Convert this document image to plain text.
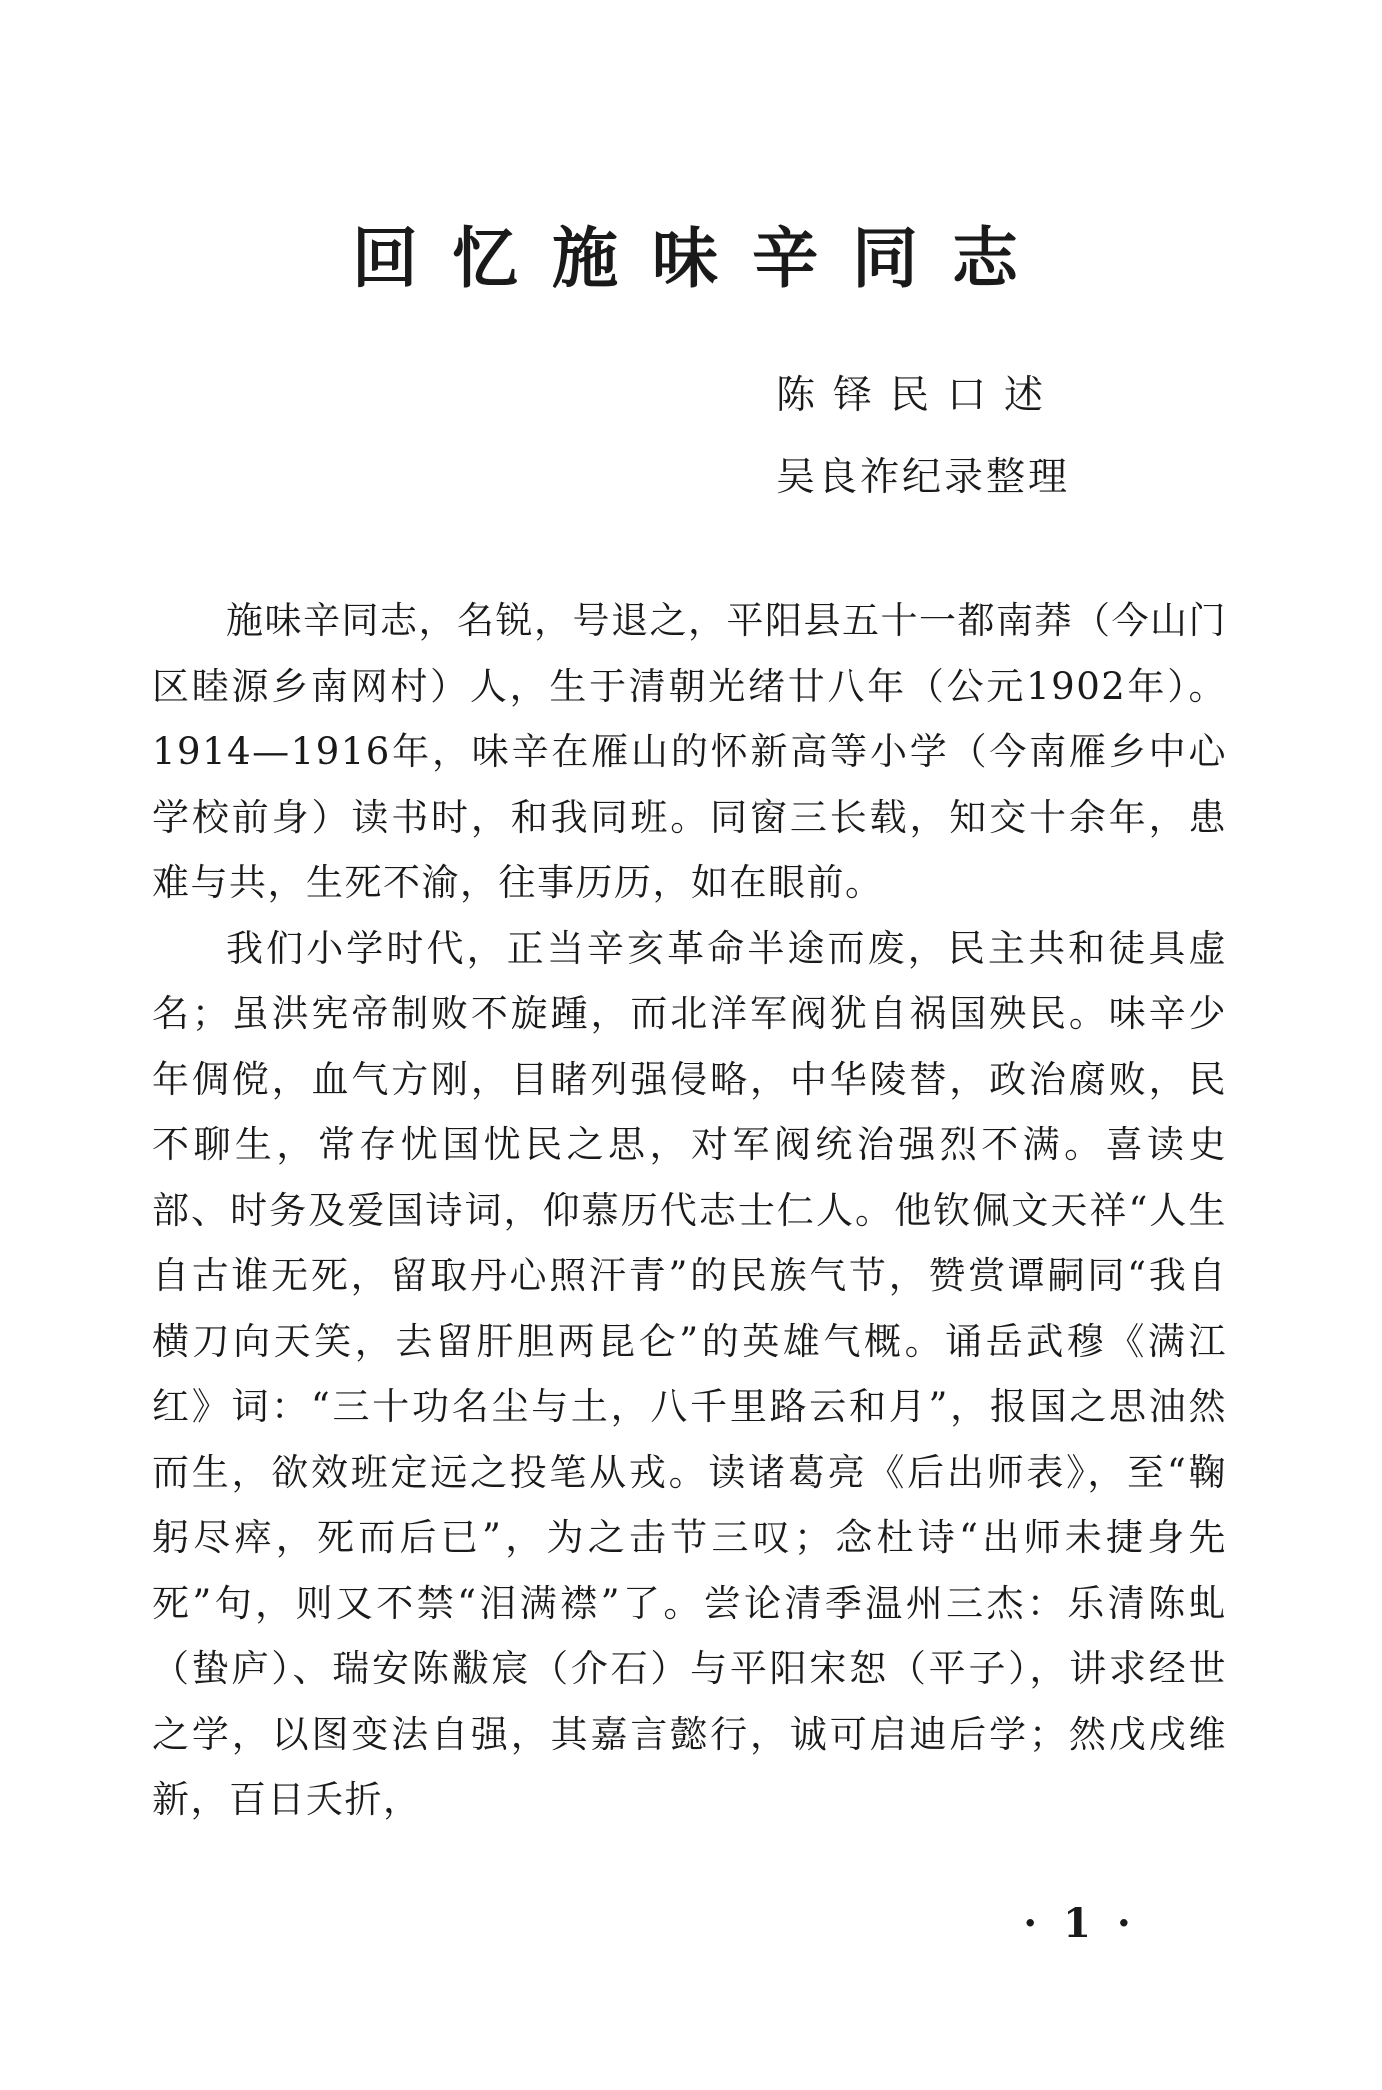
回忆施味辛同志
陈铎民口述
吴良祚纪录整理

施味辛同志，名锐，号退之，平阳县五十一都南莽（今山门区睦源乡南网村）人，生于清朝光绪廿八年（公元1902年）。1914—1916年，味辛在雁山的怀新高等小学（今南雁乡中心学校前身）读书时，和我同班。同窗三长载，知交十余年，患难与共，生死不渝，往事历历，如在眼前。

我们小学时代，正当辛亥革命半途而废，民主共和徒具虚名；虽洪宪帝制败不旋踵，而北洋军阀犹自祸国殃民。味辛少年倜傥，血气方刚，目睹列强侵略，中华陵替，政治腐败，民不聊生，常存忧国忧民之思，对军阀统治强烈不满。喜读史部、时务及爱国诗词，仰慕历代志士仁人。他钦佩文天祥“人生自古谁无死，留取丹心照汗青”的民族气节，赞赏谭嗣同“我自横刀向天笑，去留肝胆两昆仑”的英雄气概。诵岳武穆《满江红》词：“三十功名尘与土，八千里路云和月”，报国之思油然而生，欲效班定远之投笔从戎。读诸葛亮《后出师表》，至“鞠躬尽瘁，死而后已”，为之击节三叹；念杜诗“出师未捷身先死”句，则又不禁“泪满襟”了。尝论清季温州三杰：乐清陈虬（蛰庐）、瑞安陈黻宸（介石）与平阳宋恕（平子），讲求经世之学，以图变法自强，其嘉言懿行，诚可启迪后学；然戊戌维新，百日夭折，

· 1 ·
